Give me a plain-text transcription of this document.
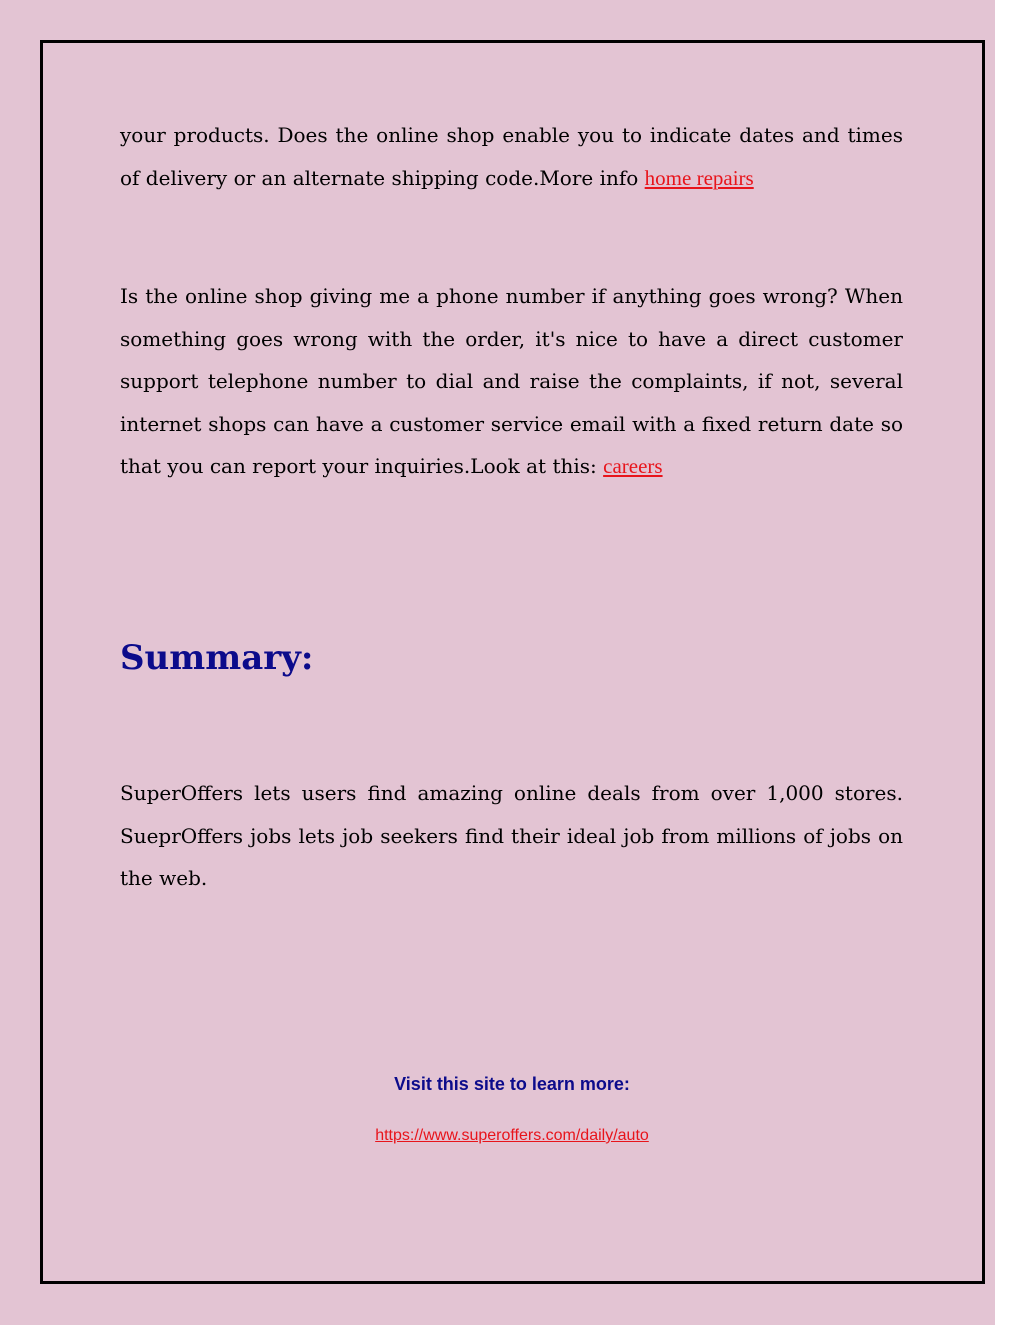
your products. Does the online shop enable you to indicate dates and times of delivery or an alternate shipping code.More info home repairs

Is the online shop giving me a phone number if anything goes wrong? When something goes wrong with the order, it's nice to have a direct customer support telephone number to dial and raise the complaints, if not, several internet shops can have a customer service email with a fixed return date so that you can report your inquiries.Look at this: careers

Summary:

SuperOffers lets users find amazing online deals from over 1,000 stores. SueprOffers jobs lets job seekers find their ideal job from millions of jobs on the web.

Visit this site to learn more:
https://www.superoffers.com/daily/auto
